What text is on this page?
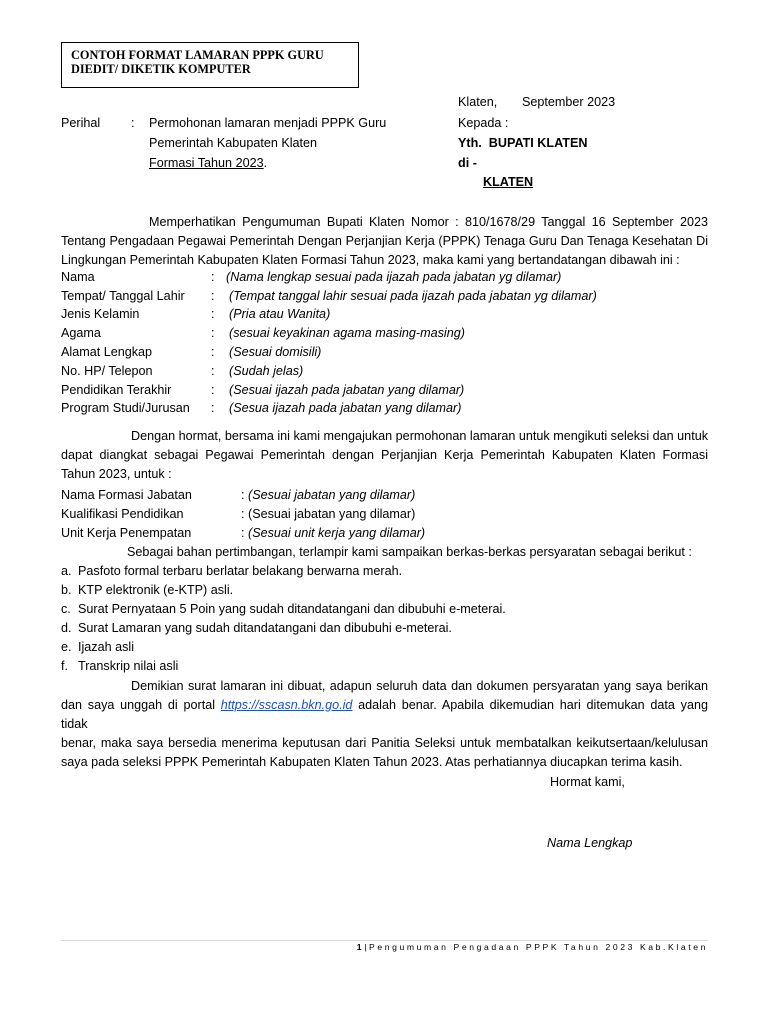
CONTOH FORMAT LAMARAN PPPK GURU
DIEDIT/ DIKETIK KOMPUTER
Klaten, September 2023
Perihal : Permohonan lamaran menjadi PPPK Guru
Pemerintah Kabupaten Klaten
Formasi Tahun 2023.
Kepada :
Yth. BUPATI KLATEN
di -
KLATEN
Memperhatikan Pengumuman Bupati Klaten Nomor : 810/1678/29 Tanggal 16 September 2023
Tentang Pengadaan Pegawai Pemerintah Dengan Perjanjian Kerja (PPPK) Tenaga Guru Dan Tenaga Kesehatan Di
Lingkungan Pemerintah Kabupaten Klaten Formasi Tahun 2023, maka kami yang bertandatangan dibawah ini :
Nama	: (Nama lengkap sesuai pada ijazah pada jabatan yg dilamar)
Tempat/ Tanggal Lahir : (Tempat tanggal lahir sesuai pada ijazah pada jabatan yg dilamar)
Jenis Kelamin	: (Pria atau Wanita)
Agama	: (sesuai keyakinan agama masing-masing)
Alamat Lengkap	: (Sesuai domisili)
No. HP/ Telepon	: (Sudah jelas)
Pendidikan Terakhir	: (Sesuai ijazah pada jabatan yang dilamar)
Program Studi/Jurusan : (Sesua ijazah pada jabatan yang dilamar)
Dengan hormat, bersama ini kami mengajukan permohonan lamaran untuk mengikuti seleksi dan untuk
dapat diangkat sebagai Pegawai Pemerintah dengan Perjanjian Kerja Pemerintah Kabupaten Klaten Formasi
Tahun 2023, untuk :
Nama Formasi Jabatan	: (Sesuai jabatan yang dilamar)
Kualifikasi Pendidikan	: (Sesuai jabatan yang dilamar)
Unit Kerja Penempatan	: (Sesuai unit kerja yang dilamar)
Sebagai bahan pertimbangan, terlampir kami sampaikan berkas-berkas persyaratan sebagai berikut :
a. Pasfoto formal terbaru berlatar belakang berwarna merah.
b. KTP elektronik (e-KTP) asli.
c. Surat Pernyataan 5 Poin yang sudah ditandatangani dan dibubuhi e-meterai.
d. Surat Lamaran yang sudah ditandatangani dan dibubuhi e-meterai.
e. Ijazah asli
f. Transkrip nilai asli
Demikian surat lamaran ini dibuat, adapun seluruh data dan dokumen persyaratan yang saya berikan
dan saya unggah di portal https://sscasn.bkn.go.id adalah benar. Apabila dikemudian hari ditemukan data yang tidak
benar, maka saya bersedia menerima keputusan dari Panitia Seleksi untuk membatalkan keikutsertaan/kelulusan
saya pada seleksi PPPK Pemerintah Kabupaten Klaten Tahun 2023. Atas perhatiannya diucapkan terima kasih.
Hormat kami,
Nama Lengkap
1|Pengumuman Pengadaan PPPK Tahun 2023 Kab.Klaten
